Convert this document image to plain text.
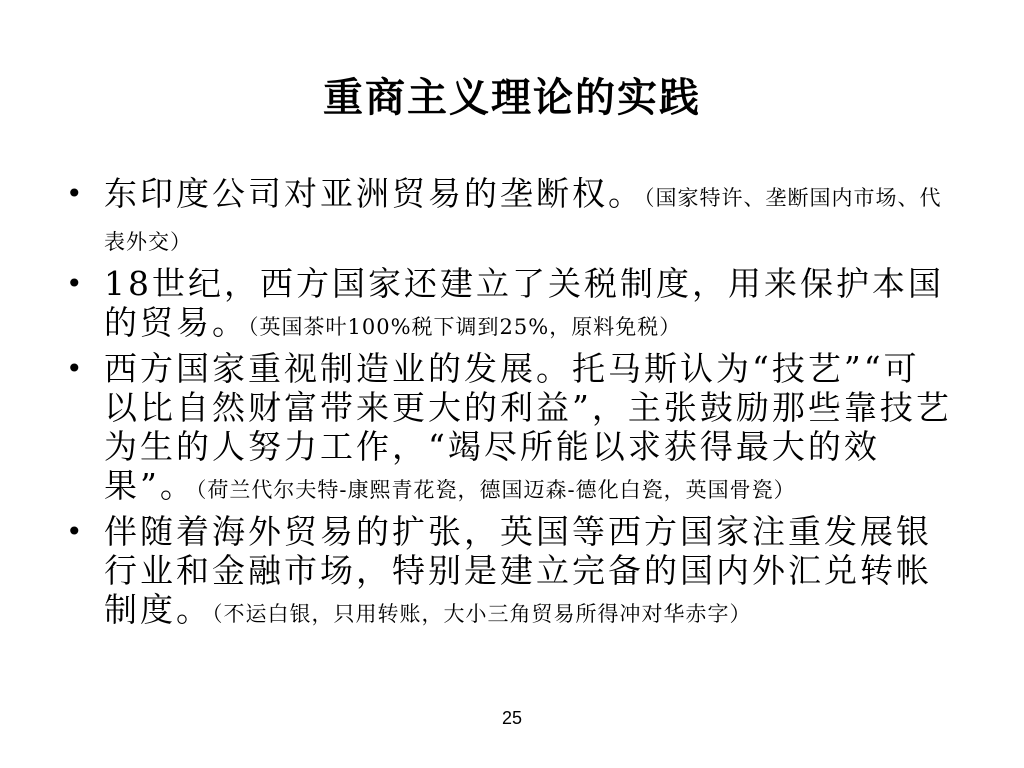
重商主义理论的实践
• 东印度公司对亚洲贸易的垄断权。（国家特许、垄断国内市场、代表外交）
• 18世纪，西方国家还建立了关税制度，用来保护本国的贸易。（英国茶叶100%税下调到25%，原料免税）
• 西方国家重视制造业的发展。托马斯认为“技艺”“可以比自然财富带来更大的利益”，主张鼓励那些靠技艺为生的人努力工作，“竭尽所能以求获得最大的效果”。（荷兰代尔夫特-康熙青花瓷，德国迈森-德化白瓷，英国骨瓷）
• 伴随着海外贸易的扩张，英国等西方国家注重发展银行业和金融市场，特别是建立完备的国内外汇兑转帐制度。（不运白银，只用转账，大小三角贸易所得冲对华赤字）
25
